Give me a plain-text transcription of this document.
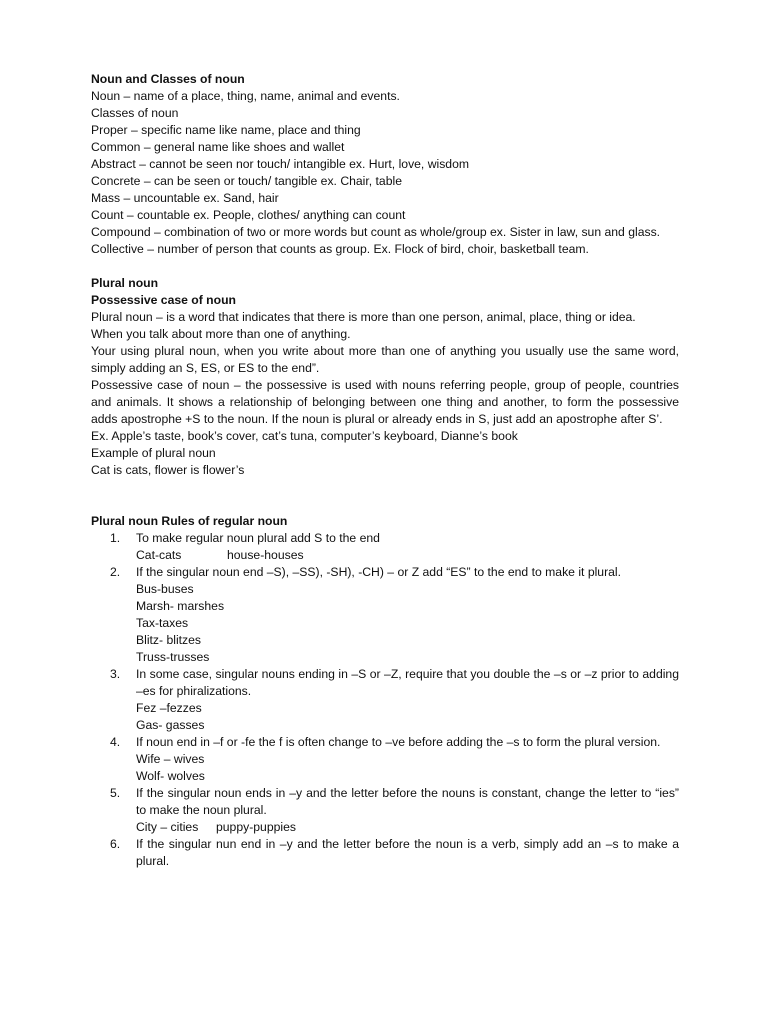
Noun and Classes of noun
Noun – name of a place, thing, name, animal and events.
Classes of noun
Proper – specific name like name, place and thing
Common – general name like shoes and wallet
Abstract – cannot be seen nor touch/ intangible ex. Hurt, love, wisdom
Concrete – can be seen or touch/ tangible ex. Chair, table
Mass – uncountable ex. Sand, hair
Count – countable ex. People, clothes/ anything can count
Compound – combination of two or more words but count as whole/group ex. Sister in law, sun and glass.
Collective – number of person that counts as group. Ex. Flock of bird, choir, basketball team.
Plural noun
Possessive case of noun
Plural noun – is a word that indicates that there is more than one person, animal, place, thing or idea.
When you talk about more than one of anything.
Your using plural noun, when you write about more than one of anything you usually use the same word, simply adding an S, ES, or ES to the end”.
Possessive case of noun – the possessive is used with nouns referring people, group of people, countries and animals. It shows a relationship of belonging between one thing and another, to form the possessive adds apostrophe +S to the noun. If the noun is plural or already ends in S, just add an apostrophe after S’.
Ex. Apple’s taste, book’s cover, cat’s tuna, computer’s keyboard, Dianne’s book
Example of plural noun
Cat is cats, flower is flower’s
Plural noun Rules of regular noun
1. To make regular noun plural add S to the end
Cat-cats	house-houses
2. If the singular noun end –S), –SS), -SH), -CH) – or Z add “ES” to the end to make it plural.
Bus-buses
Marsh- marshes
Tax-taxes
Blitz- blitzes
Truss-trusses
3. In some case, singular nouns ending in –S or –Z, require that you double the –s or –z prior to adding –es for phiralizations.
Fez –fezzes
Gas- gasses
4. If noun end in –f or -fe the f is often change to –ve before adding the –s to form the plural version.
Wife – wives
Wolf- wolves
5. If the singular noun ends in –y and the letter before the nouns is constant, change the letter to “ies” to make the noun plural.
City – cities puppy-puppies
6. If the singular nun end in –y and the letter before the noun is a verb, simply add an –s to make a plural.
